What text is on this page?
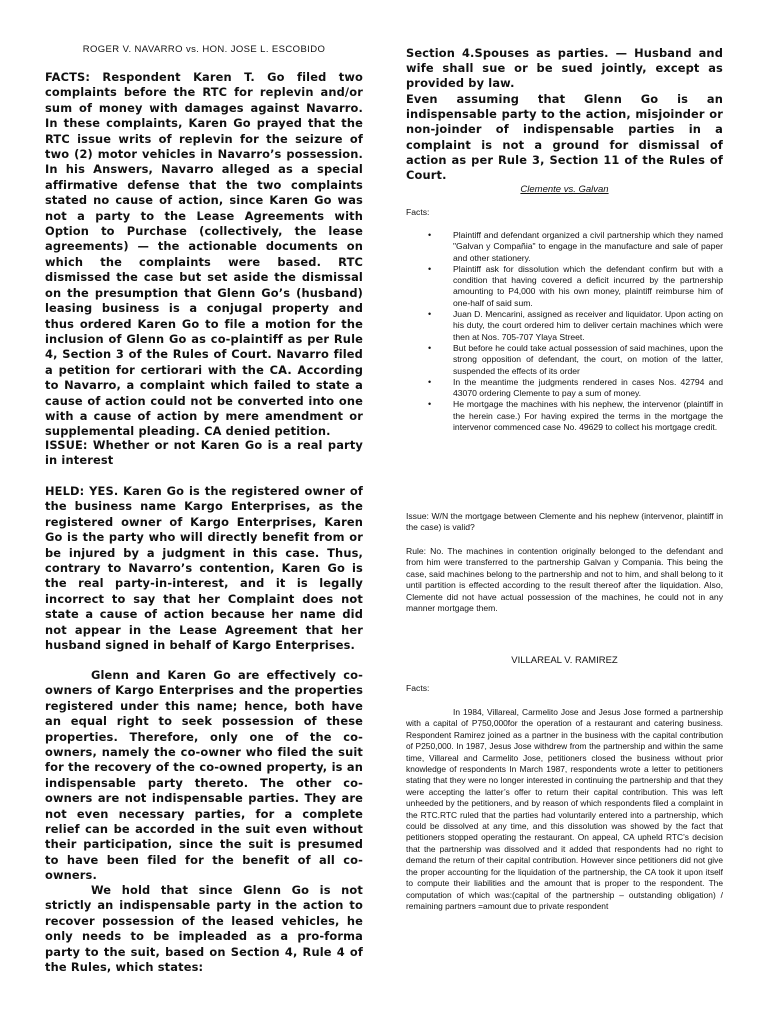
ROGER V. NAVARRO vs. HON. JOSE L. ESCOBIDO

FACTS: Respondent Karen T. Go filed two complaints before the RTC for replevin and/or sum of money with damages against Navarro. In these complaints, Karen Go prayed that the RTC issue writs of replevin for the seizure of two (2) motor vehicles in Navarro’s possession. In his Answers, Navarro alleged as a special affirmative defense that the two complaints stated no cause of action, since Karen Go was not a party to the Lease Agreements with Option to Purchase (collectively, the lease agreements) — the actionable documents on which the complaints were based. RTC dismissed the case but set aside the dismissal on the presumption that Glenn Go’s (husband) leasing business is a conjugal property and thus ordered Karen Go to file a motion for the inclusion of Glenn Go as co-plaintiff as per Rule 4, Section 3 of the Rules of Court. Navarro filed a petition for certiorari with the CA. According to Navarro, a complaint which failed to state a cause of action could not be converted into one with a cause of action by mere amendment or supplemental pleading. CA denied petition.

ISSUE: Whether or not Karen Go is a real party in interest

HELD: YES. Karen Go is the registered owner of the business name Kargo Enterprises, as the registered owner of Kargo Enterprises, Karen Go is the party who will directly benefit from or be injured by a judgment in this case. Thus, contrary to Navarro’s contention, Karen Go is the real party-in-interest, and it is legally incorrect to say that her Complaint does not state a cause of action because her name did not appear in the Lease Agreement that her husband signed in behalf of Kargo Enterprises.

Glenn and Karen Go are effectively co-owners of Kargo Enterprises and the properties registered under this name; hence, both have an equal right to seek possession of these properties. Therefore, only one of the co-owners, namely the co-owner who filed the suit for the recovery of the co-owned property, is an indispensable party thereto. The other co-owners are not indispensable parties. They are not even necessary parties, for a complete relief can be accorded in the suit even without their participation, since the suit is presumed to have been filed for the benefit of all co-owners.

We hold that since Glenn Go is not strictly an indispensable party in the action to recover possession of the leased vehicles, he only needs to be impleaded as a pro-forma party to the suit, based on Section 4, Rule 4 of the Rules, which states:

Section 4.Spouses as parties. — Husband and wife shall sue or be sued jointly, except as provided by law.

Even assuming that Glenn Go is an indispensable party to the action, misjoinder or non-joinder of indispensable parties in a complaint is not a ground for dismissal of action as per Rule 3, Section 11 of the Rules of Court.

Clemente vs. Galvan

Facts:

•	Plaintiff and defendant organized a civil partnership which they named "Galvan y Compañia" to engage in the manufacture and sale of paper and other stationery.
•	Plaintiff ask for dissolution which the defendant confirm but with a condition that having covered a deficit incurred by the partnership amounting to P4,000 with his own money, plaintiff reimburse him of one-half of said sum.
•	Juan D. Mencarini, assigned as receiver and liquidator. Upon acting on his duty, the court ordered him to deliver certain machines which were then at Nos. 705-707 Ylaya Street.
•	But before he could take actual possession of said machines, upon the strong opposition of defendant, the court, on motion of the latter, suspended the effects of its order
•	In the meantime the judgments rendered in cases Nos. 42794 and 43070 ordering Clemente to pay a sum of money.
•	He mortgage the machines with his nephew, the intervenor (plaintiff in the herein case.) For having expired the terms in the mortgage the intervenor commenced case No. 49629 to collect his mortgage credit.

Issue: W/N the mortgage between Clemente and his nephew (intervenor, plaintiff in the case) is valid?

Rule: No. The machines in contention originally belonged to the defendant and from him were transferred to the partnership Galvan y Compania. This being the case, said machines belong to the partnership and not to him, and shall belong to it until partition is effected according to the result thereof after the liquidation. Also, Clemente did not have actual possession of the machines, he could not in any manner mortgage them.

VILLAREAL V. RAMIREZ

Facts:

In 1984, Villareal, Carmelito Jose and Jesus Jose formed a partnership with a capital of P750,000for the operation of a restaurant and catering business. Respondent Ramirez joined as a partner in the business with the capital contribution of P250,000. In 1987, Jesus Jose withdrew from the partnership and within the same time, Villareal and Carmelito Jose, petitioners closed the business without prior knowledge of respondents In March 1987, respondents wrote a letter to petitioners stating that they were no longer interested in continuing the partnership and that they were accepting the latter’s offer to return their capital contribution. This was left unheeded by the petitioners, and by reason of which respondents filed a complaint in the RTC.RTC ruled that the parties had voluntarily entered into a partnership, which could be dissolved at any time, and this dissolution was showed by the fact that petitioners stopped operating the restaurant. On appeal, CA upheld RTC’s decision that the partnership was dissolved and it added that respondents had no right to demand the return of their capital contribution. However since petitioners did not give the proper accounting for the liquidation of the partnership, the CA took it upon itself to compute their liabilities and the amount that is proper to the respondent. The computation of which was:(capital of the partnership – outstanding obligation) / remaining partners =amount due to private respondent
